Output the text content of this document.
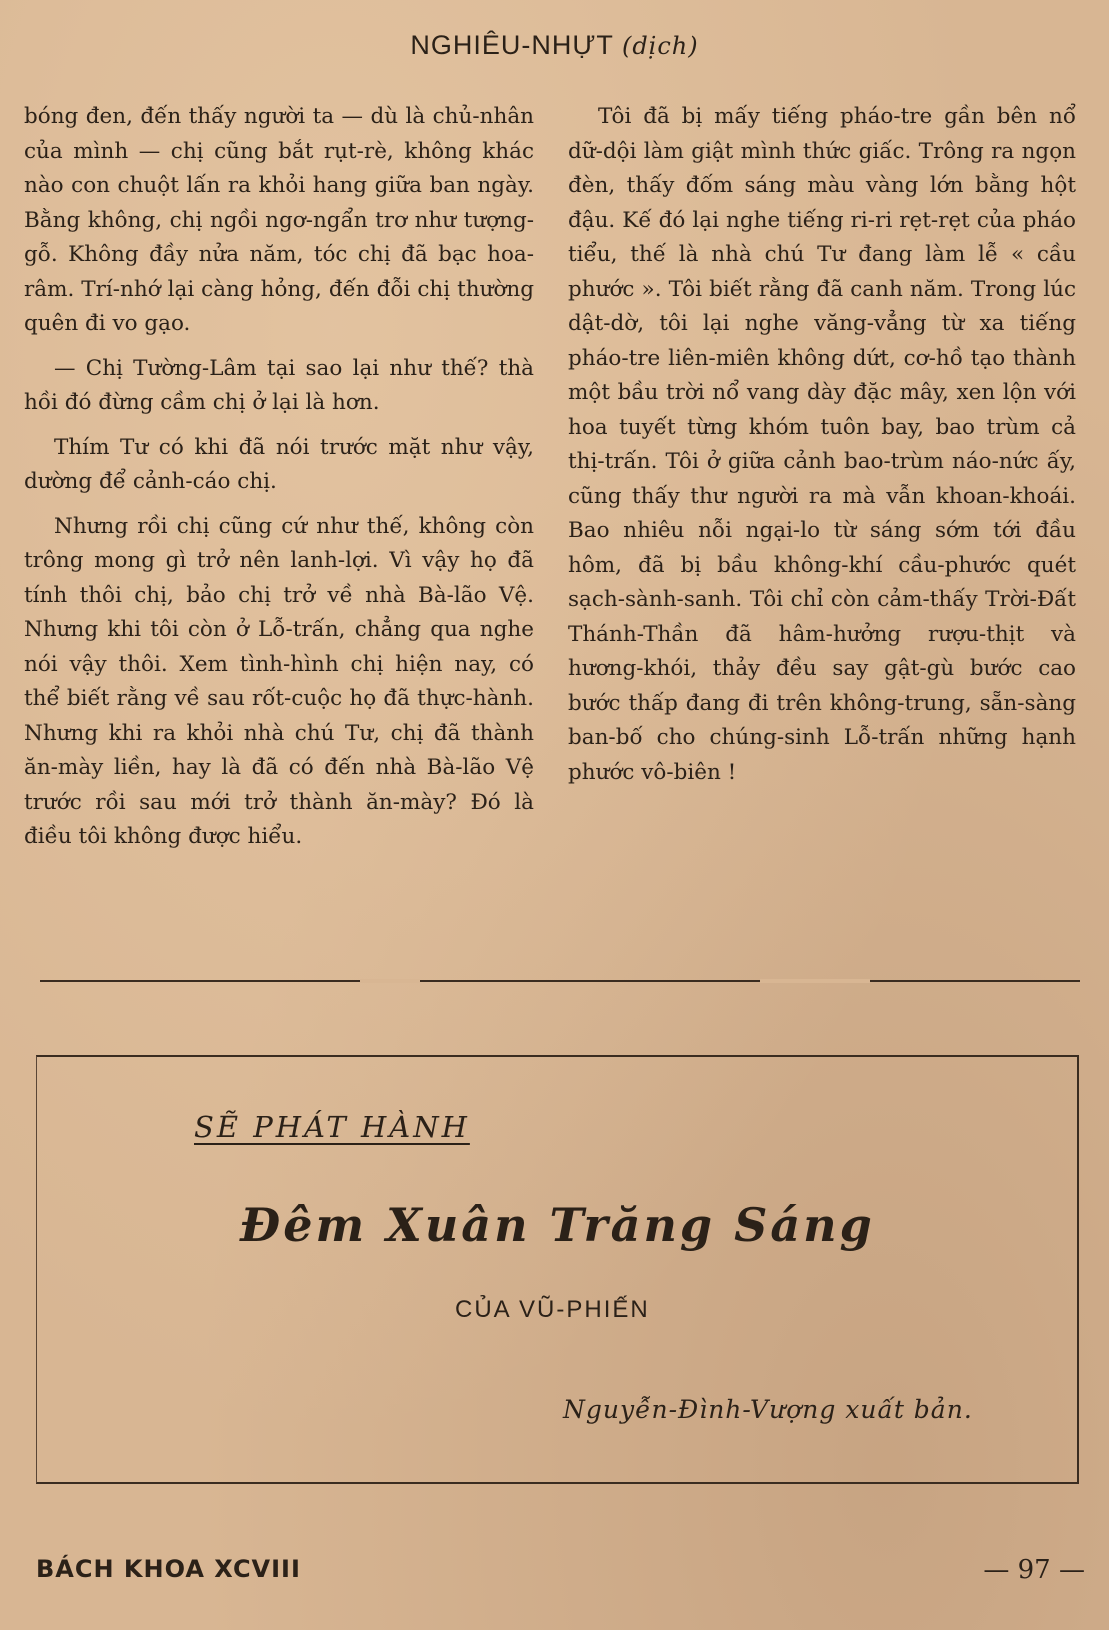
NGHIÊU-NHỰT (dịch)

bóng đen, đến thấy người ta — dù là chủ-nhân của mình — chị cũng bắt rụt-rè, không khác nào con chuột lấn ra khỏi hang giữa ban ngày. Bằng không, chị ngồi ngơ-ngẩn trơ như tượng-gỗ. Không đầy nửa năm, tóc chị đã bạc hoa-râm. Trí-nhớ lại càng hỏng, đến đỗi chị thường quên đi vo gạo.

— Chị Tường-Lâm tại sao lại như thế? thà hồi đó đừng cầm chị ở lại là hơn.

Thím Tư có khi đã nói trước mặt như vậy, dường để cảnh-cáo chị.

Nhưng rồi chị cũng cứ như thế, không còn trông mong gì trở nên lanh-lợi. Vì vậy họ đã tính thôi chị, bảo chị trở về nhà Bà-lão Vệ. Nhưng khi tôi còn ở Lỗ-trấn, chẳng qua nghe nói vậy thôi. Xem tình-hình chị hiện nay, có thể biết rằng về sau rốt-cuộc họ đã thực-hành. Nhưng khi ra khỏi nhà chú Tư, chị đã thành ăn-mày liền, hay là đã có đến nhà Bà-lão Vệ trước rồi sau mới trở thành ăn-mày? Đó là điều tôi không được hiểu.

Tôi đã bị mấy tiếng pháo-tre gần bên nổ dữ-dội làm giật mình thức giấc. Trông ra ngọn đèn, thấy đốm sáng màu vàng lớn bằng hột đậu. Kế đó lại nghe tiếng ri-ri rẹt-rẹt của pháo tiểu, thế là nhà chú Tư đang làm lễ « cầu phước ». Tôi biết rằng đã canh năm. Trong lúc dật-dờ, tôi lại nghe văng-vẳng từ xa tiếng pháo-tre liên-miên không dứt, cơ-hồ tạo thành một bầu trời nổ vang dày đặc mây, xen lộn với hoa tuyết từng khóm tuôn bay, bao trùm cả thị-trấn. Tôi ở giữa cảnh bao-trùm náo-nức ấy, cũng thấy thư người ra mà vẫn khoan-khoái. Bao nhiêu nỗi ngại-lo từ sáng sớm tới đầu hôm, đã bị bầu không-khí cầu-phước quét sạch-sành-sanh. Tôi chỉ còn cảm-thấy Trời-Đất Thánh-Thần đã hâm-hưởng rượu-thịt và hương-khói, thảy đều say gật-gù bước cao bước thấp đang đi trên không-trung, sẵn-sàng ban-bố cho chúng-sinh Lỗ-trấn những hạnh phước vô-biên !

SẼ PHÁT HÀNH
Đêm Xuân Trăng Sáng
CỦA VŨ-PHIẾN
Nguyễn-Đình-Vượng xuất bản.
BÁCH KHOA XCVIII	— 97 —
